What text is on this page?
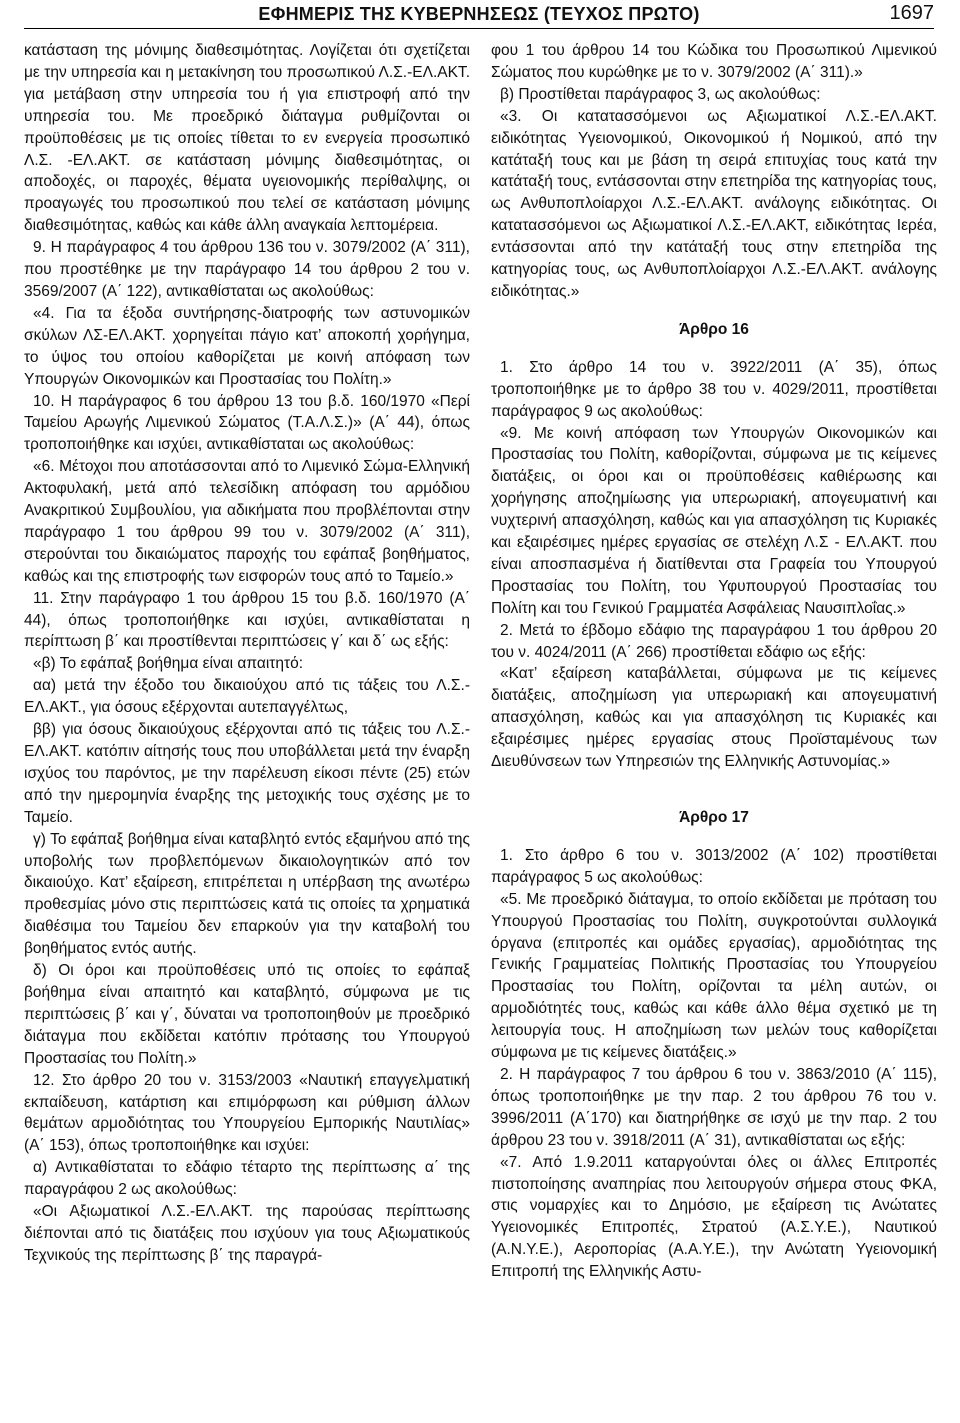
ΕΦΗΜΕΡΙΣ ΤΗΣ ΚΥΒΕΡΝΗΣΕΩΣ (ΤΕΥΧΟΣ ΠΡΩΤΟ)	1697

κατάσταση της μόνιμης διαθεσιμότητας. Λογίζεται ότι σχετίζεται με την υπηρεσία και η μετακίνηση του προσωπικού Λ.Σ.-ΕΛ.ΑΚΤ. για μετάβαση στην υπηρεσία του ή για επιστροφή από την υπηρεσία του. Με προεδρικό διάταγμα ρυθμίζονται οι προϋποθέσεις με τις οποίες τίθεται το εν ενεργεία προσωπικό Λ.Σ. -ΕΛ.ΑΚΤ. σε κατάσταση μόνιμης διαθεσιμότητας, οι αποδοχές, οι παροχές, θέματα υγειονομικής περίθαλψης, οι προαγωγές του προσωπικού που τελεί σε κατάσταση μόνιμης διαθεσιμότητας, καθώς και κάθε άλλη αναγκαία λεπτομέρεια.

9. Η παράγραφος 4 του άρθρου 136 του ν. 3079/2002 (Α΄ 311), που προστέθηκε με την παράγραφο 14 του άρθρου 2 του ν. 3569/2007 (Α΄ 122), αντικαθίσταται ως ακολούθως:

«4. Για τα έξοδα συντήρησης-διατροφής των αστυνομικών σκύλων ΛΣ-ΕΛ.ΑΚΤ. χορηγείται πάγιο κατ’ αποκοπή χορήγημα, το ύψος του οποίου καθορίζεται με κοινή απόφαση των Υπουργών Οικονομικών και Προστασίας του Πολίτη.»

10. Η παράγραφος 6 του άρθρου 13 του β.δ. 160/1970 «Περί Ταμείου Αρωγής Λιμενικού Σώματος (Τ.Α.Λ.Σ.)» (Α΄ 44), όπως τροποποιήθηκε και ισχύει, αντικαθίσταται ως ακολούθως:

«6. Μέτοχοι που αποτάσσονται από το Λιμενικό Σώμα-Ελληνική Ακτοφυλακή, μετά από τελεσίδικη απόφαση του αρμόδιου Ανακριτικού Συμβουλίου, για αδικήματα που προβλέπονται στην παράγραφο 1 του άρθρου 99 του ν. 3079/2002 (Α΄ 311), στερούνται του δικαιώματος παροχής του εφάπαξ βοηθήματος, καθώς και της επιστροφής των εισφορών τους από το Ταμείο.»

11. Στην παράγραφο 1 του άρθρου 15 του β.δ. 160/1970 (Α΄ 44), όπως τροποποιήθηκε και ισχύει, αντικαθίσταται η περίπτωση β΄ και προστίθενται περιπτώσεις γ΄ και δ΄ ως εξής:

«β) Το εφάπαξ βοήθημα είναι απαιτητό:

αα) μετά την έξοδο του δικαιούχου από τις τάξεις του Λ.Σ.-ΕΛ.ΑΚΤ., για όσους εξέρχονται αυτεπαγγέλτως,

ββ) για όσους δικαιούχους εξέρχονται από τις τάξεις του Λ.Σ.-ΕΛ.ΑΚΤ. κατόπιν αίτησής τους που υποβάλλεται μετά την έναρξη ισχύος του παρόντος, με την παρέλευση είκοσι πέντε (25) ετών από την ημερομηνία έναρξης της μετοχικής τους σχέσης με το Ταμείο.

γ) Το εφάπαξ βοήθημα είναι καταβλητό εντός εξαμήνου από της υποβολής των προβλεπόμενων δικαιολογητικών από τον δικαιούχο. Κατ’ εξαίρεση, επιτρέπεται η υπέρβαση της ανωτέρω προθεσμίας μόνο στις περιπτώσεις κατά τις οποίες τα χρηματικά διαθέσιμα του Ταμείου δεν επαρκούν για την καταβολή του βοηθήματος εντός αυτής.

δ) Οι όροι και προϋποθέσεις υπό τις οποίες το εφάπαξ βοήθημα είναι απαιτητό και καταβλητό, σύμφωνα με τις περιπτώσεις β΄ και γ΄, δύναται να τροποποιηθούν με προεδρικό διάταγμα που εκδίδεται κατόπιν πρότασης του Υπουργού Προστασίας του Πολίτη.»

12. Στο άρθρο 20 του ν. 3153/2003 «Ναυτική επαγγελματική εκπαίδευση, κατάρτιση και επιμόρφωση και ρύθμιση άλλων θεμάτων αρμοδιότητας του Υπουργείου Εμπορικής Ναυτιλίας» (Α΄ 153), όπως τροποποιήθηκε και ισχύει:

α) Αντικαθίσταται το εδάφιο τέταρτο της περίπτωσης α΄ της παραγράφου 2 ως ακολούθως:

«Οι Αξιωματικοί Λ.Σ.-ΕΛ.ΑΚΤ. της παρούσας περίπτωσης διέπονται από τις διατάξεις που ισχύουν για τους Αξιωματικούς Τεχνικούς της περίπτωσης β΄ της παραγρά-

φου 1 του άρθρου 14 του Κώδικα του Προσωπικού Λιμενικού Σώματος που κυρώθηκε με το ν. 3079/2002 (Α΄ 311).»

β) Προστίθεται παράγραφος 3, ως ακολούθως:

«3. Οι κατατασσόμενοι ως Αξιωματικοί Λ.Σ.-ΕΛ.ΑΚΤ. ειδικότητας Υγειονομικού, Οικονομικού ή Νομικού, από την κατάταξή τους και με βάση τη σειρά επιτυχίας τους κατά την κατάταξή τους, εντάσσονται στην επετηρίδα της κατηγορίας τους, ως Ανθυποπλοίαρχοι Λ.Σ.-ΕΛ.ΑΚΤ. ανάλογης ειδικότητας. Οι κατατασσόμενοι ως Αξιωματικοί Λ.Σ.-ΕΛ.ΑΚΤ, ειδικότητας Ιερέα, εντάσσονται από την κατάταξή τους στην επετηρίδα της κατηγορίας τους, ως Ανθυποπλοίαρχοι Λ.Σ.-ΕΛ.ΑΚΤ. ανάλογης ειδικότητας.»

Άρθρο 16

1. Στο άρθρο 14 του ν. 3922/2011 (Α΄ 35), όπως τροποποιήθηκε με το άρθρο 38 του ν. 4029/2011, προστίθεται παράγραφος 9 ως ακολούθως:

«9. Με κοινή απόφαση των Υπουργών Οικονομικών και Προστασίας του Πολίτη, καθορίζονται, σύμφωνα με τις κείμενες διατάξεις, οι όροι και οι προϋποθέσεις καθιέρωσης και χορήγησης αποζημίωσης για υπερωριακή, απογευματινή και νυχτερινή απασχόληση, καθώς και για απασχόληση τις Κυριακές και εξαιρέσιμες ημέρες εργασίας σε στελέχη Λ.Σ - ΕΛ.ΑΚΤ. που είναι αποσπασμένα ή διατίθενται στα Γραφεία του Υπουργού Προστασίας του Πολίτη, του Υφυπουργού Προστασίας του Πολίτη και του Γενικού Γραμματέα Ασφάλειας Ναυσιπλοΐας.»

2. Μετά το έβδομο εδάφιο της παραγράφου 1 του άρθρου 20 του ν. 4024/2011 (Α΄ 266) προστίθεται εδάφιο ως εξής:

«Κατ’ εξαίρεση καταβάλλεται, σύμφωνα με τις κείμενες διατάξεις, αποζημίωση για υπερωριακή και απογευματινή απασχόληση, καθώς και για απασχόληση τις Κυριακές και εξαιρέσιμες ημέρες εργασίας στους Προϊσταμένους των Διευθύνσεων των Υπηρεσιών της Ελληνικής Αστυνομίας.»

Άρθρο 17

1. Στο άρθρο 6 του ν. 3013/2002 (Α΄ 102) προστίθεται παράγραφος 5 ως ακολούθως:

«5. Με προεδρικό διάταγμα, το οποίο εκδίδεται με πρόταση του Υπουργού Προστασίας του Πολίτη, συγκροτούνται συλλογικά όργανα (επιτροπές και ομάδες εργασίας), αρμοδιότητας της Γενικής Γραμματείας Πολιτικής Προστασίας του Υπουργείου Προστασίας του Πολίτη, ορίζονται τα μέλη αυτών, οι αρμοδιότητές τους, καθώς και κάθε άλλο θέμα σχετικό με τη λειτουργία τους. Η αποζημίωση των μελών τους καθορίζεται σύμφωνα με τις κείμενες διατάξεις.»

2. Η παράγραφος 7 του άρθρου 6 του ν. 3863/2010 (Α΄ 115), όπως τροποποιήθηκε με την παρ. 2 του άρθρου 76 του ν. 3996/2011 (Α΄170) και διατηρήθηκε σε ισχύ με την παρ. 2 του άρθρου 23 του ν. 3918/2011 (Α΄ 31), αντικαθίσταται ως εξής:

«7. Από 1.9.2011 καταργούνται όλες οι άλλες Επιτροπές πιστοποίησης αναπηρίας που λειτουργούν σήμερα στους ΦΚΑ, στις νομαρχίες και το Δημόσιο, με εξαίρεση τις Ανώτατες Υγειονομικές Επιτροπές, Στρατού (Α.Σ.Υ.Ε.), Ναυτικού (Α.Ν.Υ.Ε.), Αεροπορίας (Α.Α.Υ.Ε.), την Ανώτατη Υγειονομική Επιτροπή της Ελληνικής Αστυ-
